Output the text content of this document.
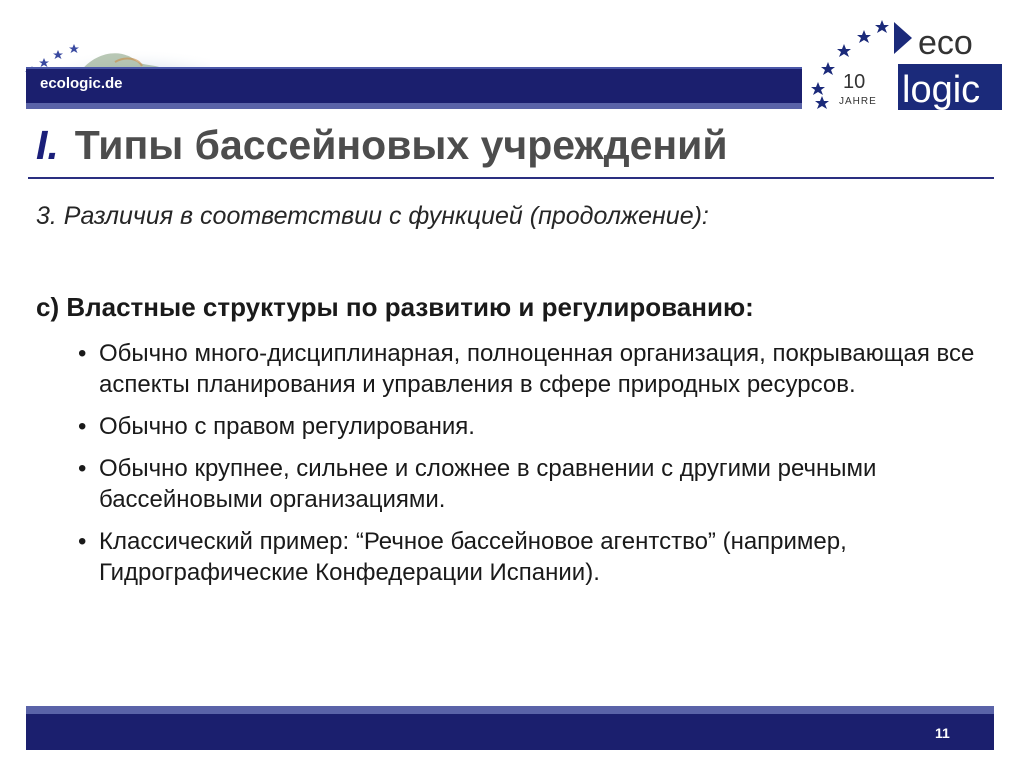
ecologic.de	10
JAHRE
eco
logic
I. Типы бассейновых учреждений
3. Различия в соответствии с функцией (продолжение):
c) Властные структуры по развитию и регулированию:
• Обычно много-дисциплинарная, полноценная организация, покрывающая все аспекты планирования и управления в сфере природных ресурсов.
• Обычно с правом регулирования.
• Обычно крупнее, сильнее и сложнее в сравнении с другими речными бассейновыми организациями.
• Классический пример: “Речное бассейновое агентство” (например, Гидрографические Конфедерации Испании).
11
